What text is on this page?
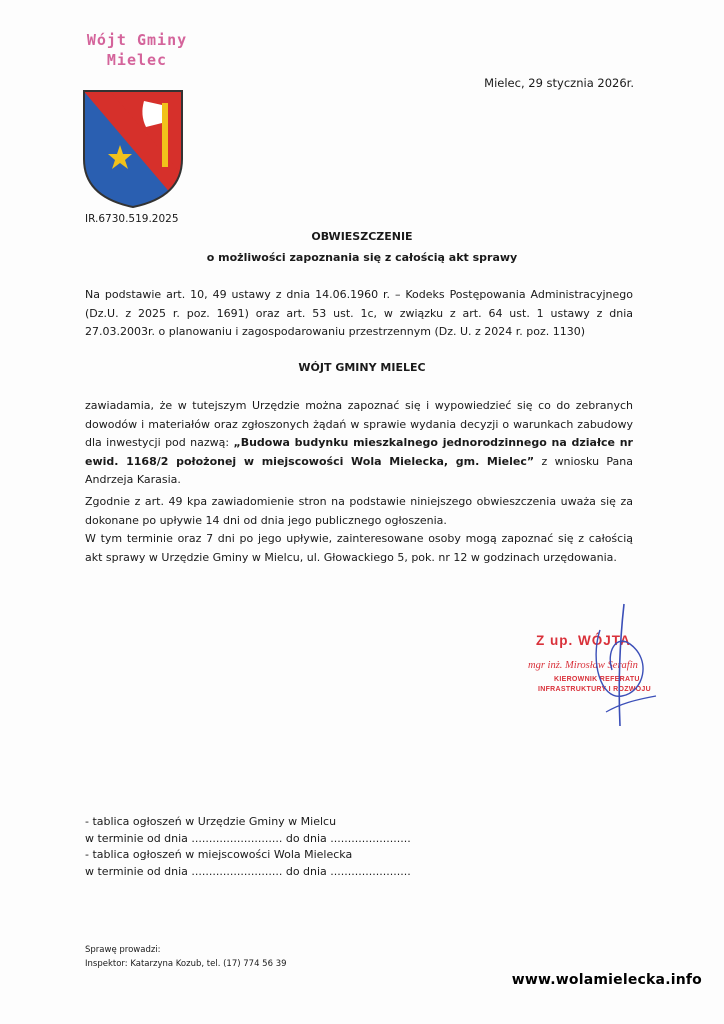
Wójt Gminy
Mielec
Mielec, 29 stycznia 2026r.
IR.6730.519.2025
OBWIESZCZENIE
o możliwości zapoznania się z całością akt sprawy
Na podstawie art. 10, 49 ustawy z dnia 14.06.1960 r. – Kodeks Postępowania Administracyjnego (Dz.U. z 2025 r. poz. 1691) oraz art. 53 ust. 1c, w związku z art. 64 ust. 1 ustawy z dnia 27.03.2003r. o planowaniu i zagospodarowaniu przestrzennym (Dz. U. z 2024 r. poz. 1130)
WÓJT GMINY MIELEC
zawiadamia, że w tutejszym Urzędzie można zapoznać się i wypowiedzieć się co do zebranych dowodów i materiałów oraz zgłoszonych żądań w sprawie wydania decyzji o warunkach zabudowy dla inwestycji pod nazwą: „Budowa budynku mieszkalnego jednorodzinnego na działce nr ewid. 1168/2 położonej w miejscowości Wola Mielecka, gm. Mielec” z wniosku Pana Andrzeja Karasia.
Zgodnie z art. 49 kpa zawiadomienie stron na podstawie niniejszego obwieszczenia uważa się za dokonane po upływie 14 dni od dnia jego publicznego ogłoszenia.
W tym terminie oraz 7 dni po jego upływie, zainteresowane osoby mogą zapoznać się z całością akt sprawy w Urzędzie Gminy w Mielcu, ul. Głowackiego 5, pok. nr 12 w godzinach urzędowania.
Z up. WÓJTA
mgr inż. Mirosław Serafin
KIEROWNIK REFERATU
INFRASTRUKTURY I ROZWOJU
- tablica ogłoszeń w Urzędzie Gminy w Mielcu
w terminie od dnia .......................... do dnia .......................
- tablica ogłoszeń w miejscowości Wola Mielecka
w terminie od dnia .......................... do dnia .......................
Sprawę prowadzi:
Inspektor: Katarzyna Kozub, tel. (17) 774 56 39
www.wolamielecka.info
